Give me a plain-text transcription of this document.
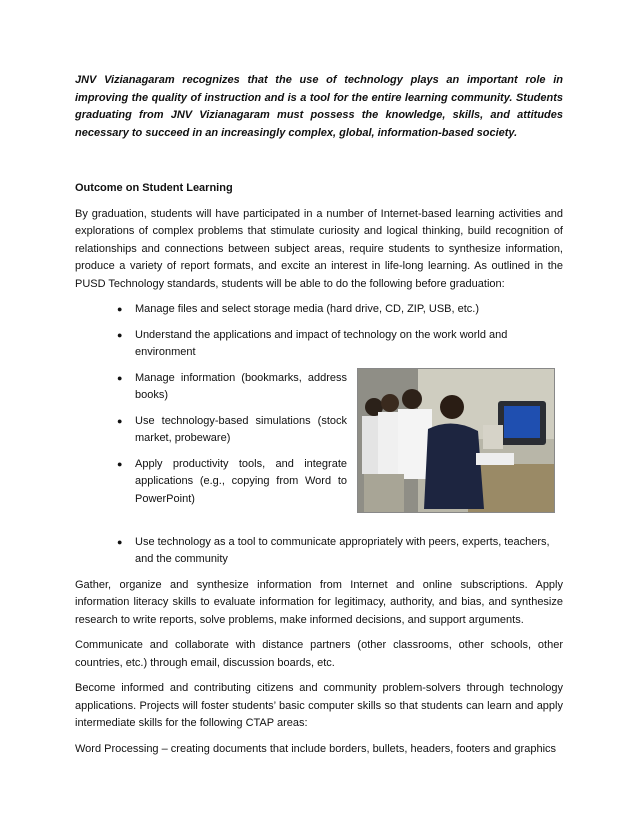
JNV Vizianagaram recognizes that the use of technology plays an important role in improving the quality of instruction and is a tool for the entire learning community. Students graduating from JNV Vizianagaram must possess the knowledge, skills, and attitudes necessary to succeed in an increasingly complex, global, information-based society.

Outcome on Student Learning

By graduation, students will have participated in a number of Internet-based learning activities and explorations of complex problems that stimulate curiosity and logical thinking, build recognition of relationships and connections between subject areas, require students to synthesize information, produce a variety of report formats, and excite an interest in life-long learning. As outlined in the PUSD Technology standards, students will be able to do the following before graduation:

● Manage files and select storage media (hard drive, CD, ZIP, USB, etc.)
● Understand the applications and impact of technology on the work world and environment
● Manage information (bookmarks, address books)
● Use technology-based simulations (stock market, probeware)
● Apply productivity tools, and integrate applications (e.g., copying from Word to PowerPoint)
● Use technology as a tool to communicate appropriately with peers, experts, teachers, and the community

Gather, organize and synthesize information from Internet and online subscriptions. Apply information literacy skills to evaluate information for legitimacy, authority, and bias, and synthesize research to write reports, solve problems, make informed decisions, and support arguments.

Communicate and collaborate with distance partners (other classrooms, other schools, other countries, etc.) through email, discussion boards, etc.

Become informed and contributing citizens and community problem-solvers through technology applications. Projects will foster students’ basic computer skills so that students can learn and apply intermediate skills for the following CTAP areas:

Word Processing – creating documents that include borders, bullets, headers, footers and graphics
